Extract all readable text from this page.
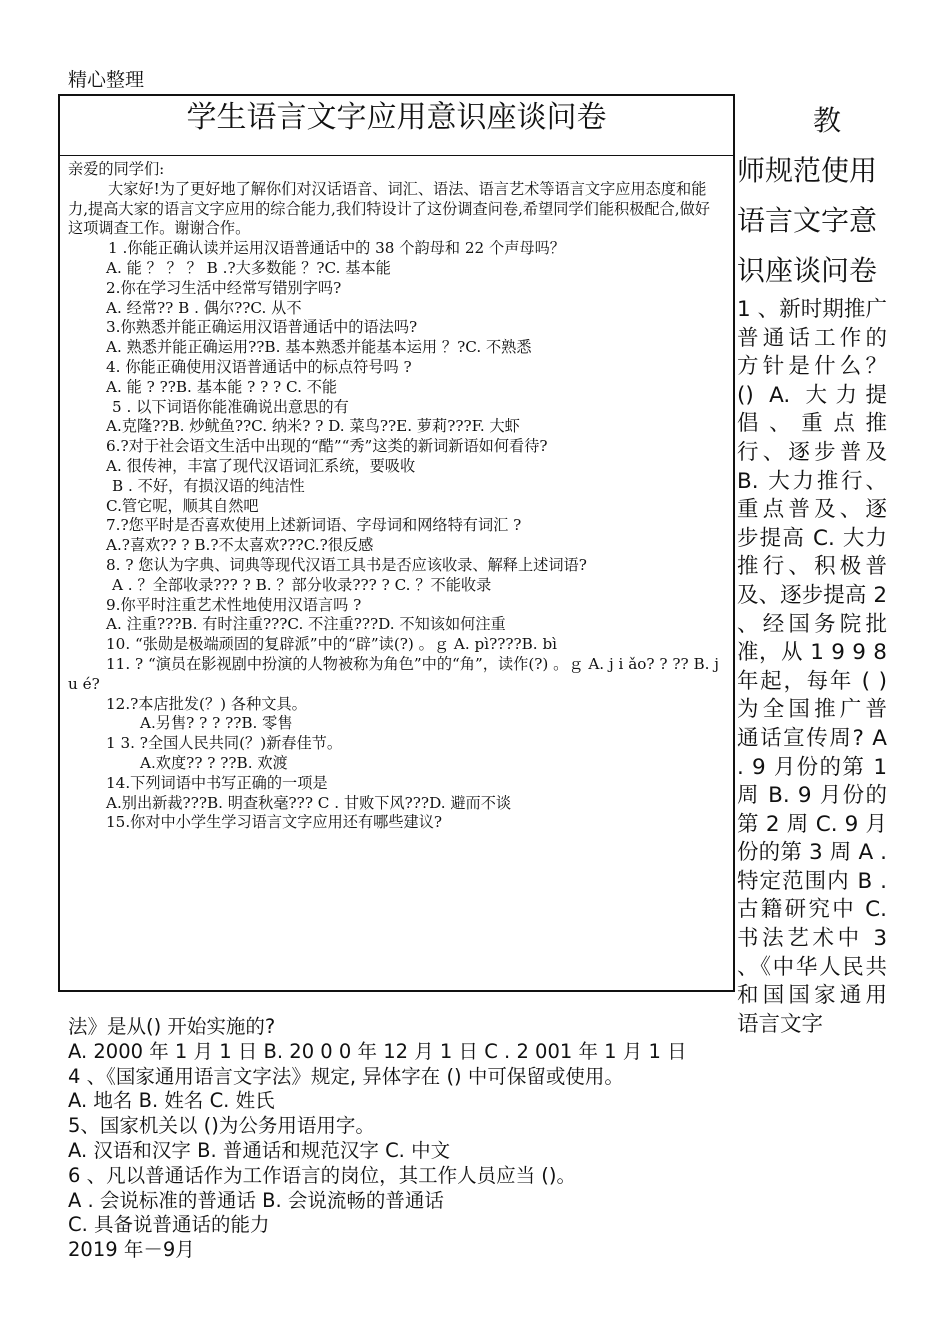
精心整理
学生语言文字应用意识座谈问卷

亲爱的同学们:

大家好!为了更好地了解你们对汉话语音、词汇、语法、语言艺术等语言文字应用态度和能力,提高大家的语言文字应用的综合能力,我们特设计了这份调查问卷,希望同学们能积极配合,做好这项调查工作。谢谢合作。

1 .你能正确认读并运用汉语普通话中的 38 个韵母和 22 个声母吗？

A. 能 ？ ？ ？ B .?大多数能 ？?C. 基本能

2.你在学习生活中经常写错别字吗?

A. 经常?? B . 偶尔??C. 从不

3.你熟悉并能正确运用汉语普通话中的语法吗?

A. 熟悉并能正确运用??B. 基本熟悉并能基本运用 ？?C. 不熟悉

4. 你能正确使用汉语普通话中的标点符号吗 ?

A. 能 ? ??B. 基本能 ? ? ? C. 不能

5 . 以下词语你能准确说出意思的有

A.克隆??B. 炒鱿鱼??C. 纳米? ? D. 菜鸟??E. 萝莉???F. 大虾

6.?对于社会语文生活中出现的“酷”“秀”这类的新词新语如何看待?

A. 很传神，丰富了现代汉语词汇系统，要吸收

B . 不好，有损汉语的纯洁性

C.管它呢，顺其自然吧

7.?您平时是否喜欢使用上述新词语、字母词和网络特有词汇 ?

A.?喜欢?? ? B.?不太喜欢???C.?很反感

8. ? 您认为字典、词典等现代汉语工具书是否应该收录、解释上述词语?

A . ？全部收录??? ? B. ？部分收录??? ? C. ？不能收录

9.你平时注重艺术性地使用汉语言吗 ?

A. 注重???B. 有时注重???C. 不注重???D. 不知该如何注重

10. “张勋是极端顽固的复辟派”中的“辟”读(?) 。ｇ A. pì????B. bì

11. ? “演员在影视剧中扮演的人物被称为角色”中的“角”，读作(?) 。ｇ A. j i ǎo? ? ?? B. j u é?

12.?本店批发(？) 各种文具。

A.另售? ? ? ??B. 零售

1 3. ?全国人民共同(？)新春佳节。

A.欢度?? ? ??B. 欢渡

14.下列词语中书写正确的一项是

A.别出新裁???B. 明查秋毫??? C . 甘败下风???D. 避而不谈

15.你对中小学生学习语言文字应用还有哪些建议?

教

师规范使用语言文字意识座谈问卷

1 、新时期推广普通话工作的方针是什么？ () A. 大力提倡、重点推行、逐步普及 B. 大力推行、重点普及、逐步提高 C. 大力推行、积极普及、逐步提高 2 、经国务院批准，从 1 9 9 8 年起，每年 ( ) 为全国推广普通话宣传周? A . 9 月份的第 1 周 B. 9 月份的第 2 周 C. 9 月份的第 3 周 A . 特定范围内 B . 古籍研究中 C. 书法艺术中 3 、《中华人民共和国国家通用语言文字

法》是从() 开始实施的?

A. 2000 年 1 月 1 日 B. 20 0 0 年 12 月 1 日 C . 2 001 年 1 月 1 日

4 、《国家通用语言文字法》规定, 异体字在 () 中可保留或使用。

A. 地名 B. 姓名 C. 姓氏

5、国家机关以 ()为公务用语用字。

A. 汉语和汉字 B. 普通话和规范汉字 C. 中文

6 、凡以普通话作为工作语言的岗位，其工作人员应当 ()。

A . 会说标准的普通话 B. 会说流畅的普通话

C. 具备说普通话的能力

2019 年－9月
